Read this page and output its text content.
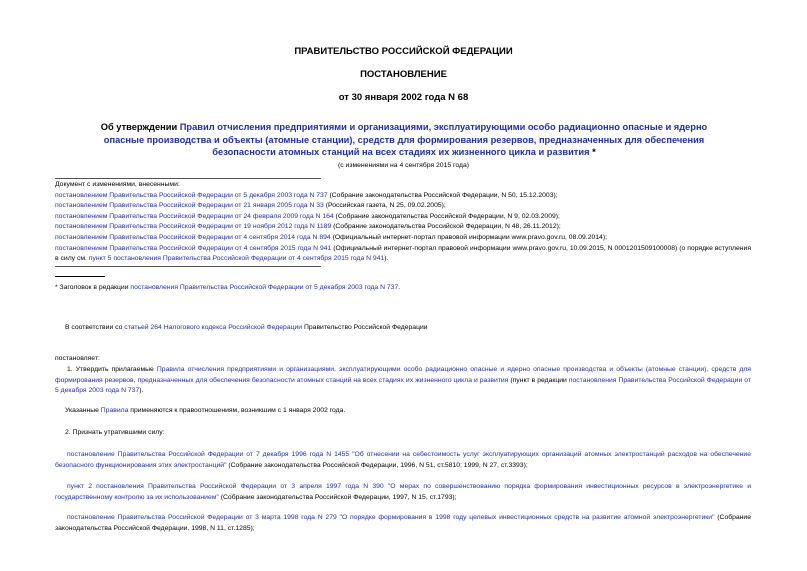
ПРАВИТЕЛЬСТВО РОССИЙСКОЙ ФЕДЕРАЦИИ
ПОСТАНОВЛЕНИЕ
от 30 января 2002 года N 68
Об утверждении Правил отчисления предприятиями и организациями, эксплуатирующими особо радиационно опасные и ядерно опасные производства и объекты (атомные станции), средств для формирования резервов, предназначенных для обеспечения безопасности атомных станций на всех стадиях их жизненного цикла и развития *
(с изменениями на 4 сентября 2015 года)
Документ с изменениями, внесенными:
постановлением Правительства Российской Федерации от 5 декабря 2003 года N 737 (Собрание законодательства Российской Федерации, N 50, 15.12.2003);
постановлением Правительства Российской Федерации от 21 января 2005 года N 33 (Российская газета, N 25, 09.02.2005);
постановлением Правительства Российской Федерации от 24 февраля 2009 года N 164 (Собрание законодательства Российской Федерации, N 9, 02.03.2009);
постановлением Правительства Российской Федерации от 19 ноября 2012 года N 1189 (Собрание законодательства Российской Федерации, N 48, 26.11.2012);
постановлением Правительства Российской Федерации от 4 сентября 2014 года N 894 (Официальный интернет-портал правовой информации www.pravo.gov.ru, 08.09.2014);
постановлением Правительства Российской Федерации от 4 сентября 2015 года N 941 (Официальный интернет-портал правовой информации www.pravo.gov.ru, 10.09.2015, N 0001201509100008) (о порядке вступления в силу см. пункт 5 постановления Правительства Российской Федерации от 4 сентября 2015 года N 941).
* Заголовок в редакции постановления Правительства Российской Федерации от 5 декабря 2003 года N 737.
В соответствии со статьей 264 Налогового кодекса Российской Федерации Правительство Российской Федерации
постановляет:
1. Утвердить прилагаемые Правила отчисления предприятиями и организациями, эксплуатирующими особо радиационно опасные и ядерно опасные производства и объекты (атомные станции), средств для формирования резервов, предназначенных для обеспечения безопасности атомных станций на всех стадиях их жизненного цикла и развития (пункт в редакции постановления Правительства Российской Федерации от 5 декабря 2003 года N 737).
Указанные Правила применяются к правоотношениям, возникшим с 1 января 2002 года.
2. Признать утратившими силу:
постановление Правительства Российской Федерации от 7 декабря 1996 года N 1455 "Об отнесении на себестоимость услуг эксплуатирующих организаций атомных электростанций расходов на обеспечение безопасного функционирования этих электростанций" (Собрание законодательства Российской Федерации, 1996, N 51, ст.5810; 1999, N 27, ст.3393);
пункт 2 постановления Правительства Российской Федерации от 3 апреля 1997 года N 390 "О мерах по совершенствованию порядка формирования инвестиционных ресурсов в электроэнергетике и государственному контролю за их использованием" (Собрание законодательства Российской Федерации, 1997, N 15, ст.1793);
постановление Правительства Российской Федерации от 3 марта 1998 года N 279 "О порядке формирования в 1998 году целевых инвестиционных средств на развитие атомной электроэнергетики" (Собрание законодательства Российской Федерации, 1998, N 11, ст.1285);
